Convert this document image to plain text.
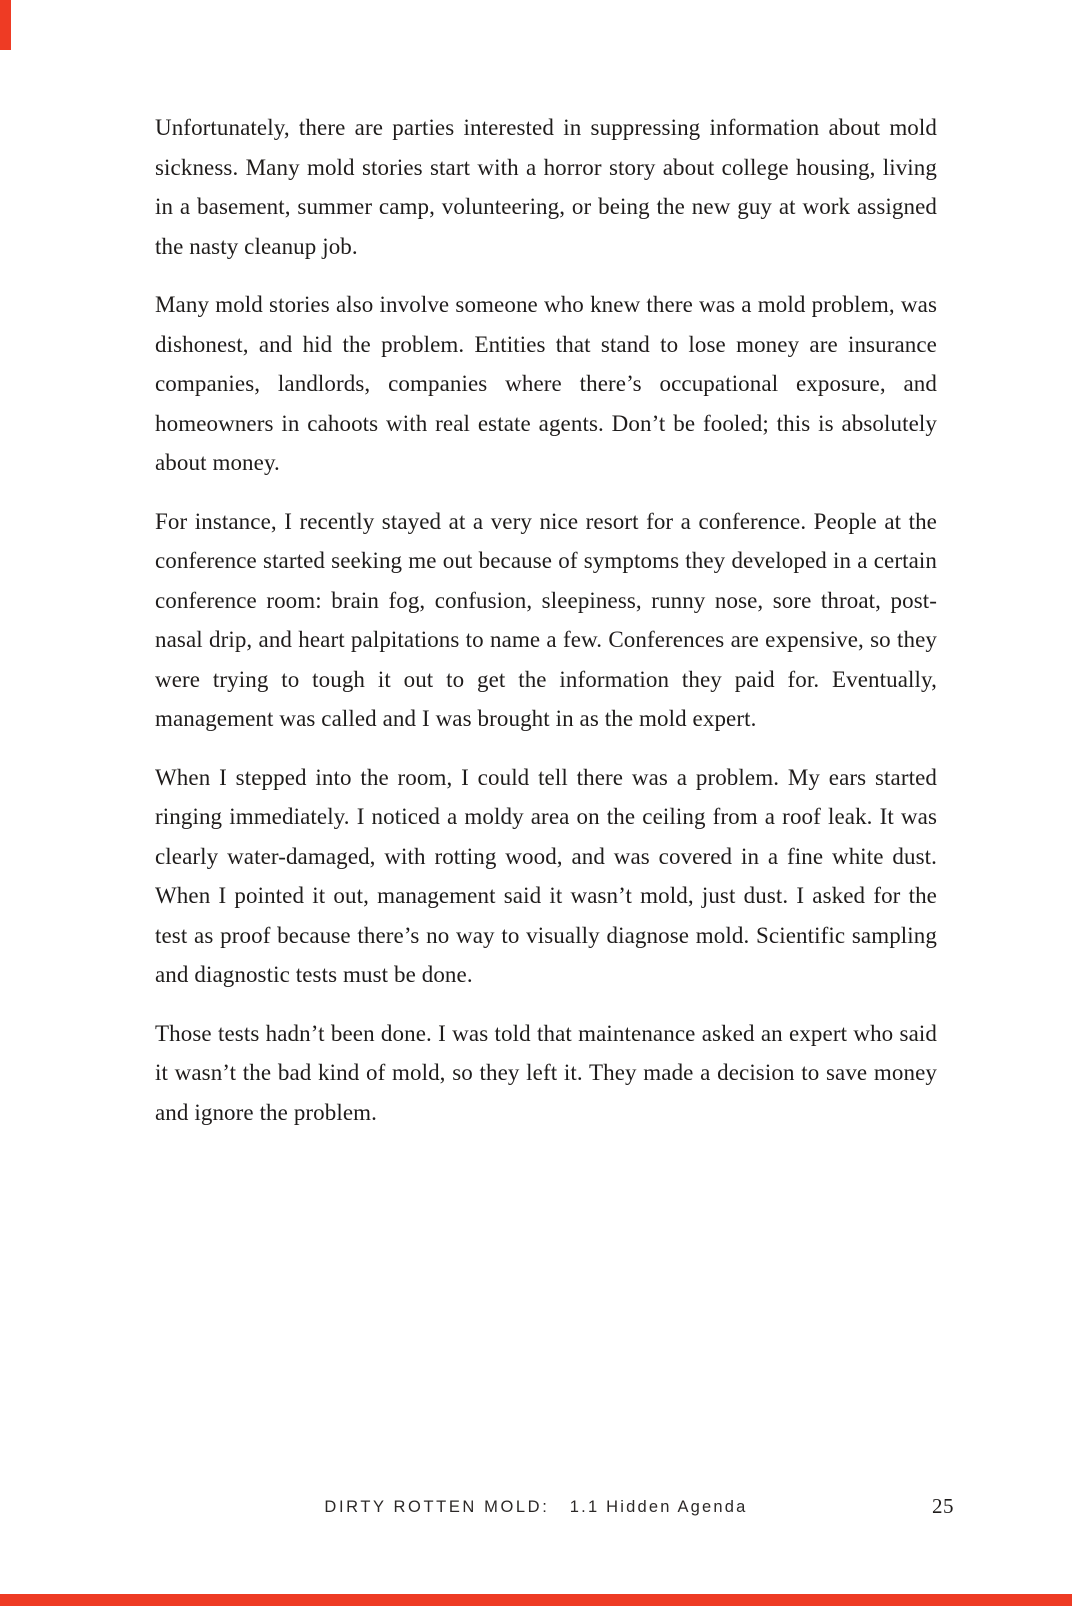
Unfortunately, there are parties interested in suppressing information about mold sickness. Many mold stories start with a horror story about college housing, living in a basement, summer camp, volunteering, or being the new guy at work assigned the nasty cleanup job.

Many mold stories also involve someone who knew there was a mold problem, was dishonest, and hid the problem. Entities that stand to lose money are insurance companies, landlords, companies where there’s occupational exposure, and homeowners in cahoots with real estate agents. Don’t be fooled; this is absolutely about money.

For instance, I recently stayed at a very nice resort for a conference. People at the conference started seeking me out because of symptoms they developed in a certain conference room: brain fog, confusion, sleepiness, runny nose, sore throat, post-nasal drip, and heart palpitations to name a few. Conferences are expensive, so they were trying to tough it out to get the information they paid for. Eventually, management was called and I was brought in as the mold expert.

When I stepped into the room, I could tell there was a problem. My ears started ringing immediately. I noticed a moldy area on the ceiling from a roof leak. It was clearly water-damaged, with rotting wood, and was covered in a fine white dust. When I pointed it out, management said it wasn’t mold, just dust. I asked for the test as proof because there’s no way to visually diagnose mold. Scientific sampling and diagnostic tests must be done.

Those tests hadn’t been done. I was told that maintenance asked an expert who said it wasn’t the bad kind of mold, so they left it. They made a decision to save money and ignore the problem.

DIRTY ROTTEN MOLD: 1.1 Hidden Agenda	25
